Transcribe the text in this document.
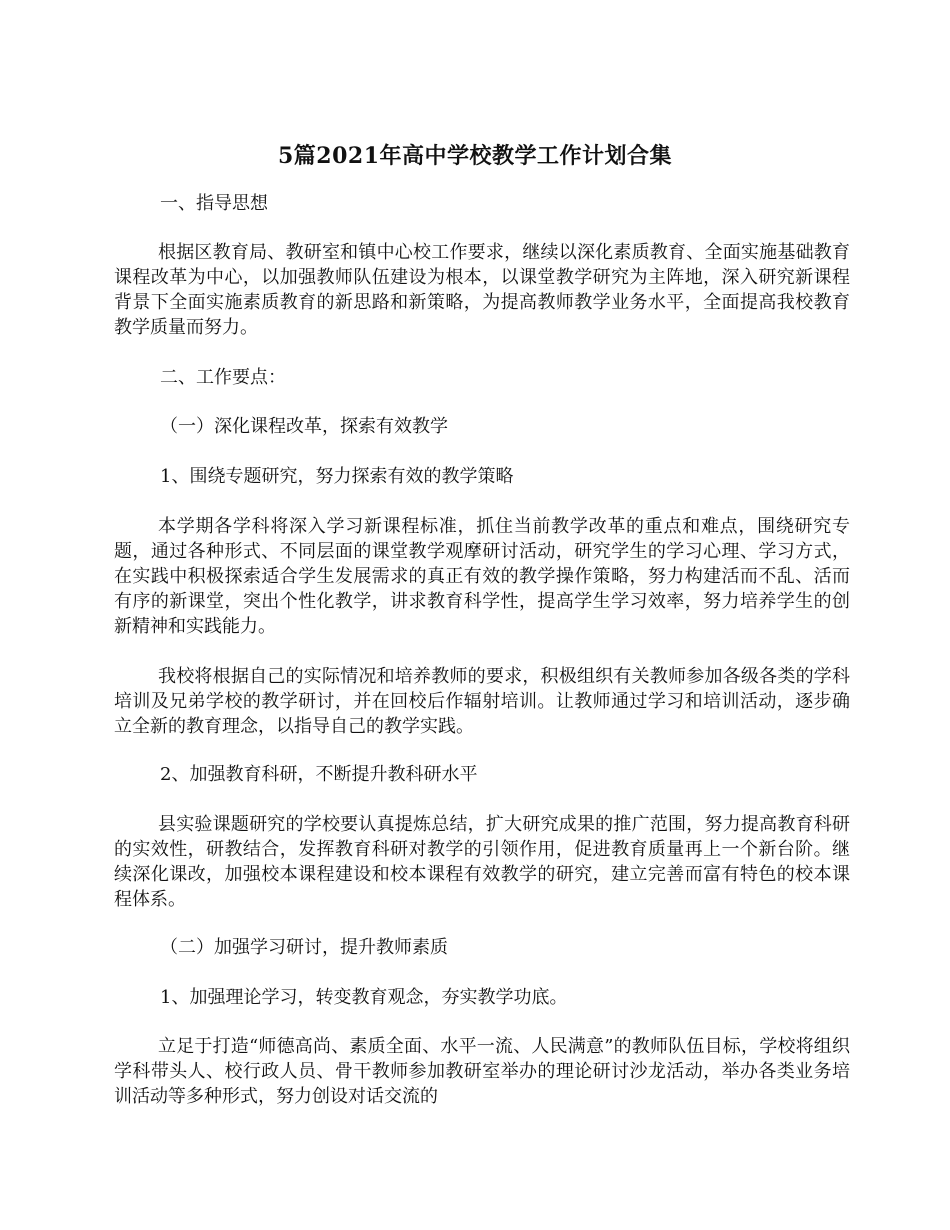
5篇2021年高中学校教学工作计划合集
一、指导思想
根据区教育局、教研室和镇中心校工作要求，继续以深化素质教育、全面实施基础教育课程改革为中心，以加强教师队伍建设为根本，以课堂教学研究为主阵地，深入研究新课程背景下全面实施素质教育的新思路和新策略，为提高教师教学业务水平，全面提高我校教育教学质量而努力。
二、工作要点：
（一）深化课程改革，探索有效教学
1、围绕专题研究，努力探索有效的教学策略
本学期各学科将深入学习新课程标准，抓住当前教学改革的重点和难点，围绕研究专题，通过各种形式、不同层面的课堂教学观摩研讨活动，研究学生的学习心理、学习方式，在实践中积极探索适合学生发展需求的真正有效的教学操作策略，努力构建活而不乱、活而有序的新课堂，突出个性化教学，讲求教育科学性，提高学生学习效率，努力培养学生的创新精神和实践能力。
我校将根据自己的实际情况和培养教师的要求，积极组织有关教师参加各级各类的学科培训及兄弟学校的教学研讨，并在回校后作辐射培训。让教师通过学习和培训活动，逐步确立全新的教育理念，以指导自己的教学实践。
2、加强教育科研，不断提升教科研水平
县实验课题研究的学校要认真提炼总结，扩大研究成果的推广范围，努力提高教育科研的实效性，研教结合，发挥教育科研对教学的引领作用，促进教育质量再上一个新台阶。继续深化课改，加强校本课程建设和校本课程有效教学的研究，建立完善而富有特色的校本课程体系。
（二）加强学习研讨，提升教师素质
1、加强理论学习，转变教育观念，夯实教学功底。
立足于打造“师德高尚、素质全面、水平一流、人民满意”的教师队伍目标，学校将组织学科带头人、校行政人员、骨干教师参加教研室举办的理论研讨沙龙活动，举办各类业务培训活动等多种形式，努力创设对话交流的
